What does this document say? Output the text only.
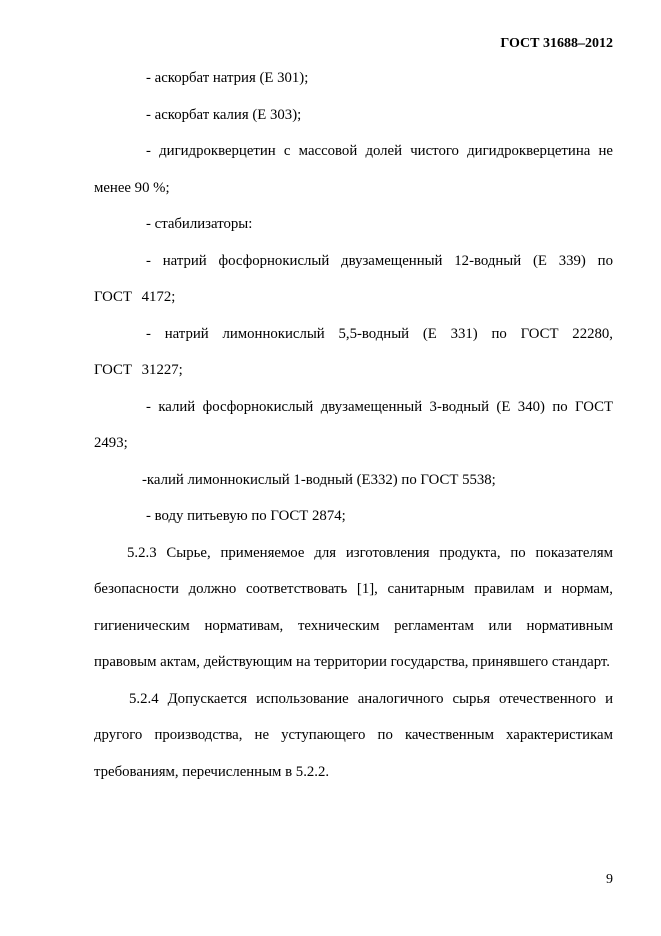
ГОСТ 31688–2012

- аскорбат натрия (Е 301);

- аскорбат калия (Е 303);

- дигидрокверцетин с массовой долей чистого дигидрокверцетина не менее 90 %;

- стабилизаторы:

- натрий фосфорнокислый двузамещенный 12-водный (Е 339) по ГОСТ 4172;

- натрий лимоннокислый 5,5-водный (Е 331) по ГОСТ 22280, ГОСТ 31227;

- калий фосфорнокислый двузамещенный 3-водный (Е 340) по ГОСТ 2493;

-калий лимоннокислый 1-водный (Е332) по ГОСТ 5538;

- воду питьевую по ГОСТ 2874;

5.2.3 Сырье, применяемое для изготовления продукта, по показателям безопасности должно соответствовать [1], санитарным правилам и нормам, гигиеническим нормативам, техническим регламентам или нормативным правовым актам, действующим на территории государства, принявшего стандарт.

5.2.4 Допускается использование аналогичного сырья отечественного и другого производства, не уступающего по качественным характеристикам требованиям, перечисленным в 5.2.2.

9
